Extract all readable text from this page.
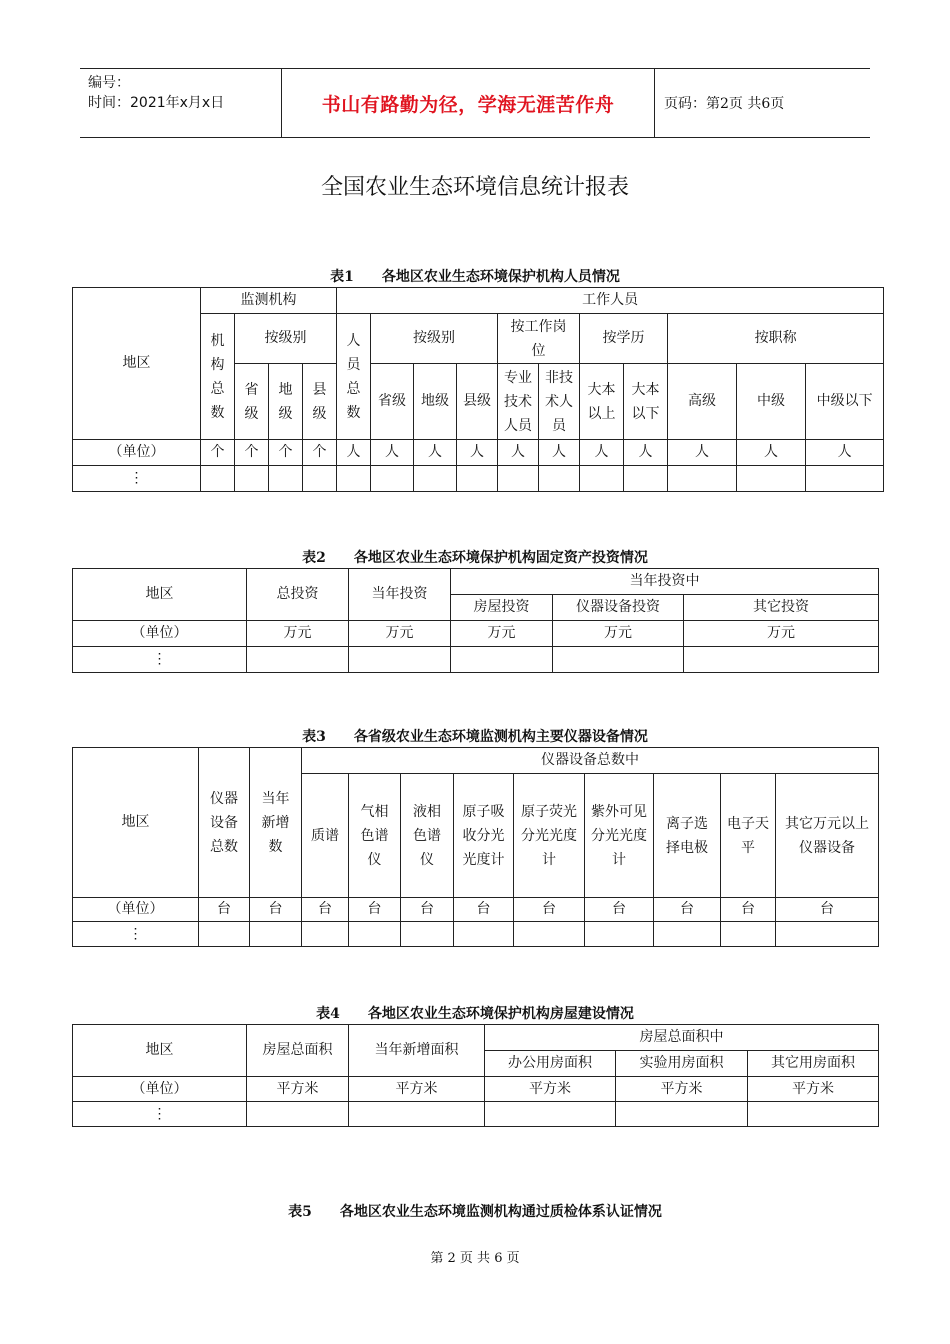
编号：
时间：2021年x月x日	书山有路勤为径，学海无涯苦作舟	页码：第2页 共6页
全国农业生态环境信息统计报表
表1 各地区农业生态环境保护机构人员情况
地区	监测机构				工作人员										
	机构总数	按级别			人员总数	按级别			按工作岗位		按学历		按职称		
		省级	地级	县级		省级	地级	县级	专业技术人员	非技术人员	大本以上	大本以下	高级	中级	中级以下
（单位）	个	个	个	个	人	人	人	人	人	人	人	人	人	人	人
⋮															
表2 各地区农业生态环境保护机构固定资产投资情况
地区	总投资	当年投资	当年投资中		
			房屋投资	仪器设备投资	其它投资
（单位）	万元	万元	万元	万元	万元
⋮					
表3 各省级农业生态环境监测机构主要仪器设备情况
地区	仪器设备总数	当年新增数	仪器设备总数中								
			质谱	气相色谱仪	液相色谱仪	原子吸收分光光度计	原子荧光分光光度计	紫外可见分光光度计	离子选择电极	电子天平	其它万元以上仪器设备
（单位）	台	台	台	台	台	台	台	台	台	台	台
⋮											
表4 各地区农业生态环境保护机构房屋建设情况
地区	房屋总面积	当年新增面积	房屋总面积中		
			办公用房面积	实验用房面积	其它用房面积
（单位）	平方米	平方米	平方米	平方米	平方米
⋮					
表5 各地区农业生态环境监测机构通过质检体系认证情况
第 2 页 共 6 页
